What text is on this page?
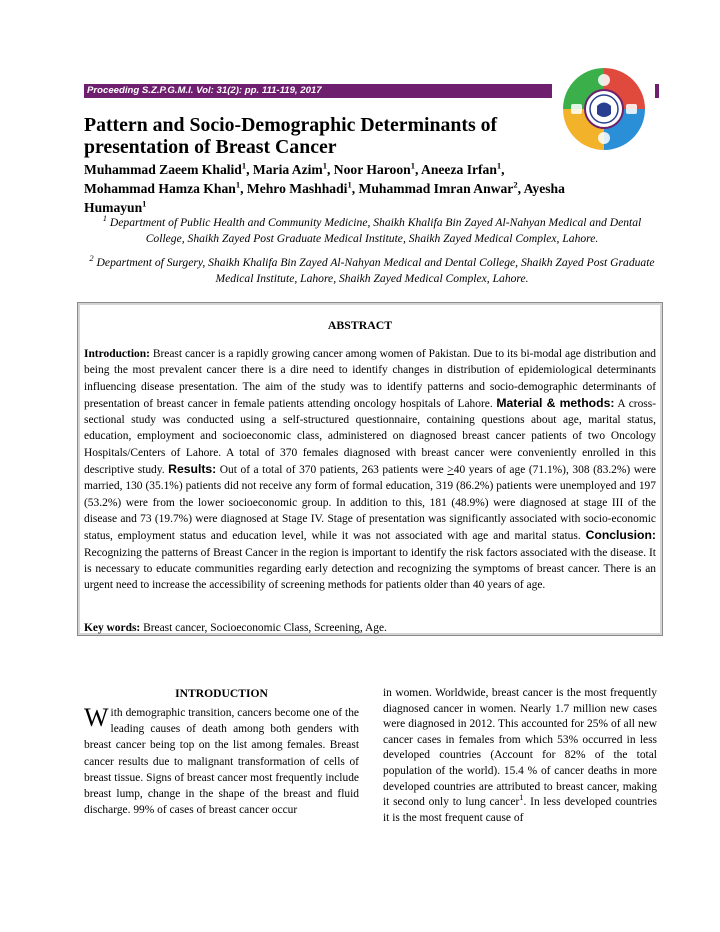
Proceeding S.Z.P.G.M.I. Vol: 31(2): pp. 111-119, 2017
Pattern and Socio-Demographic Determinants of presentation of Breast Cancer

Muhammad Zaeem Khalid$^1$, Maria Azim$^1$, Noor Haroon$^1$, Aneeza Irfan$^1$,
Mohammad Hamza Khan$^1$, Mehro Mashhadi$^1$, Muhammad Imran Anwar$^2$, Ayesha Humayun$^1$

$^1$ Department of Public Health and Community Medicine, Shaikh Khalifa Bin Zayed Al-Nahyan Medical and Dental College, Shaikh Zayed Post Graduate Medical Institute, Shaikh Zayed Medical Complex, Lahore.

$^2$ Department of Surgery, Shaikh Khalifa Bin Zayed Al-Nahyan Medical and Dental College, Shaikh Zayed Post Graduate Medical Institute, Lahore, Shaikh Zayed Medical Complex, Lahore.

ABSTRACT

Introduction: Breast cancer is a rapidly growing cancer among women of Pakistan. Due to its bi-modal age distribution and being the most prevalent cancer there is a dire need to identify changes in distribution of epidemiological determinants influencing disease presentation. The aim of the study was to identify patterns and socio-demographic determinants of presentation of breast cancer in female patients attending oncology hospitals of Lahore. Material & methods: A cross-sectional study was conducted using a self-structured questionnaire, containing questions about age, marital status, education, employment and socioeconomic class, administered on diagnosed breast cancer patients of two Oncology Hospitals/Centers of Lahore. A total of 370 females diagnosed with breast cancer were conveniently enrolled in this descriptive study. Results: Out of a total of 370 patients, 263 patients were >40 years of age (71.1%), 308 (83.2%) were married, 130 (35.1%) patients did not receive any form of formal education, 319 (86.2%) patients were unemployed and 197 (53.2%) were from the lower socioeconomic group. In addition to this, 181 (48.9%) were diagnosed at stage III of the disease and 73 (19.7%) were diagnosed at Stage IV. Stage of presentation was significantly associated with socio-economic status, employment status and education level, while it was not associated with age and marital status. Conclusion: Recognizing the patterns of Breast Cancer in the region is important to identify the risk factors associated with the disease. It is necessary to educate communities regarding early detection and recognizing the symptoms of breast cancer. There is an urgent need to increase the accessibility of screening methods for patients older than 40 years of age.

Key words: Breast cancer, Socioeconomic Class, Screening, Age.

INTRODUCTION

With demographic transition, cancers become one of the leading causes of death among both genders with breast cancer being top on the list among females. Breast cancer results due to malignant transformation of cells of breast tissue. Signs of breast cancer most frequently include breast lump, change in the shape of the breast and fluid discharge. 99% of cases of breast cancer occur

in women. Worldwide, breast cancer is the most frequently diagnosed cancer in women. Nearly 1.7 million new cases were diagnosed in 2012. This accounted for 25% of all new cancer cases in females from which 53% occurred in less developed countries (Account for 82% of the total population of the world). 15.4 % of cancer deaths in more developed countries are attributed to breast cancer, making it second only to lung cancer$^1$. In less developed countries it is the most frequent cause of
